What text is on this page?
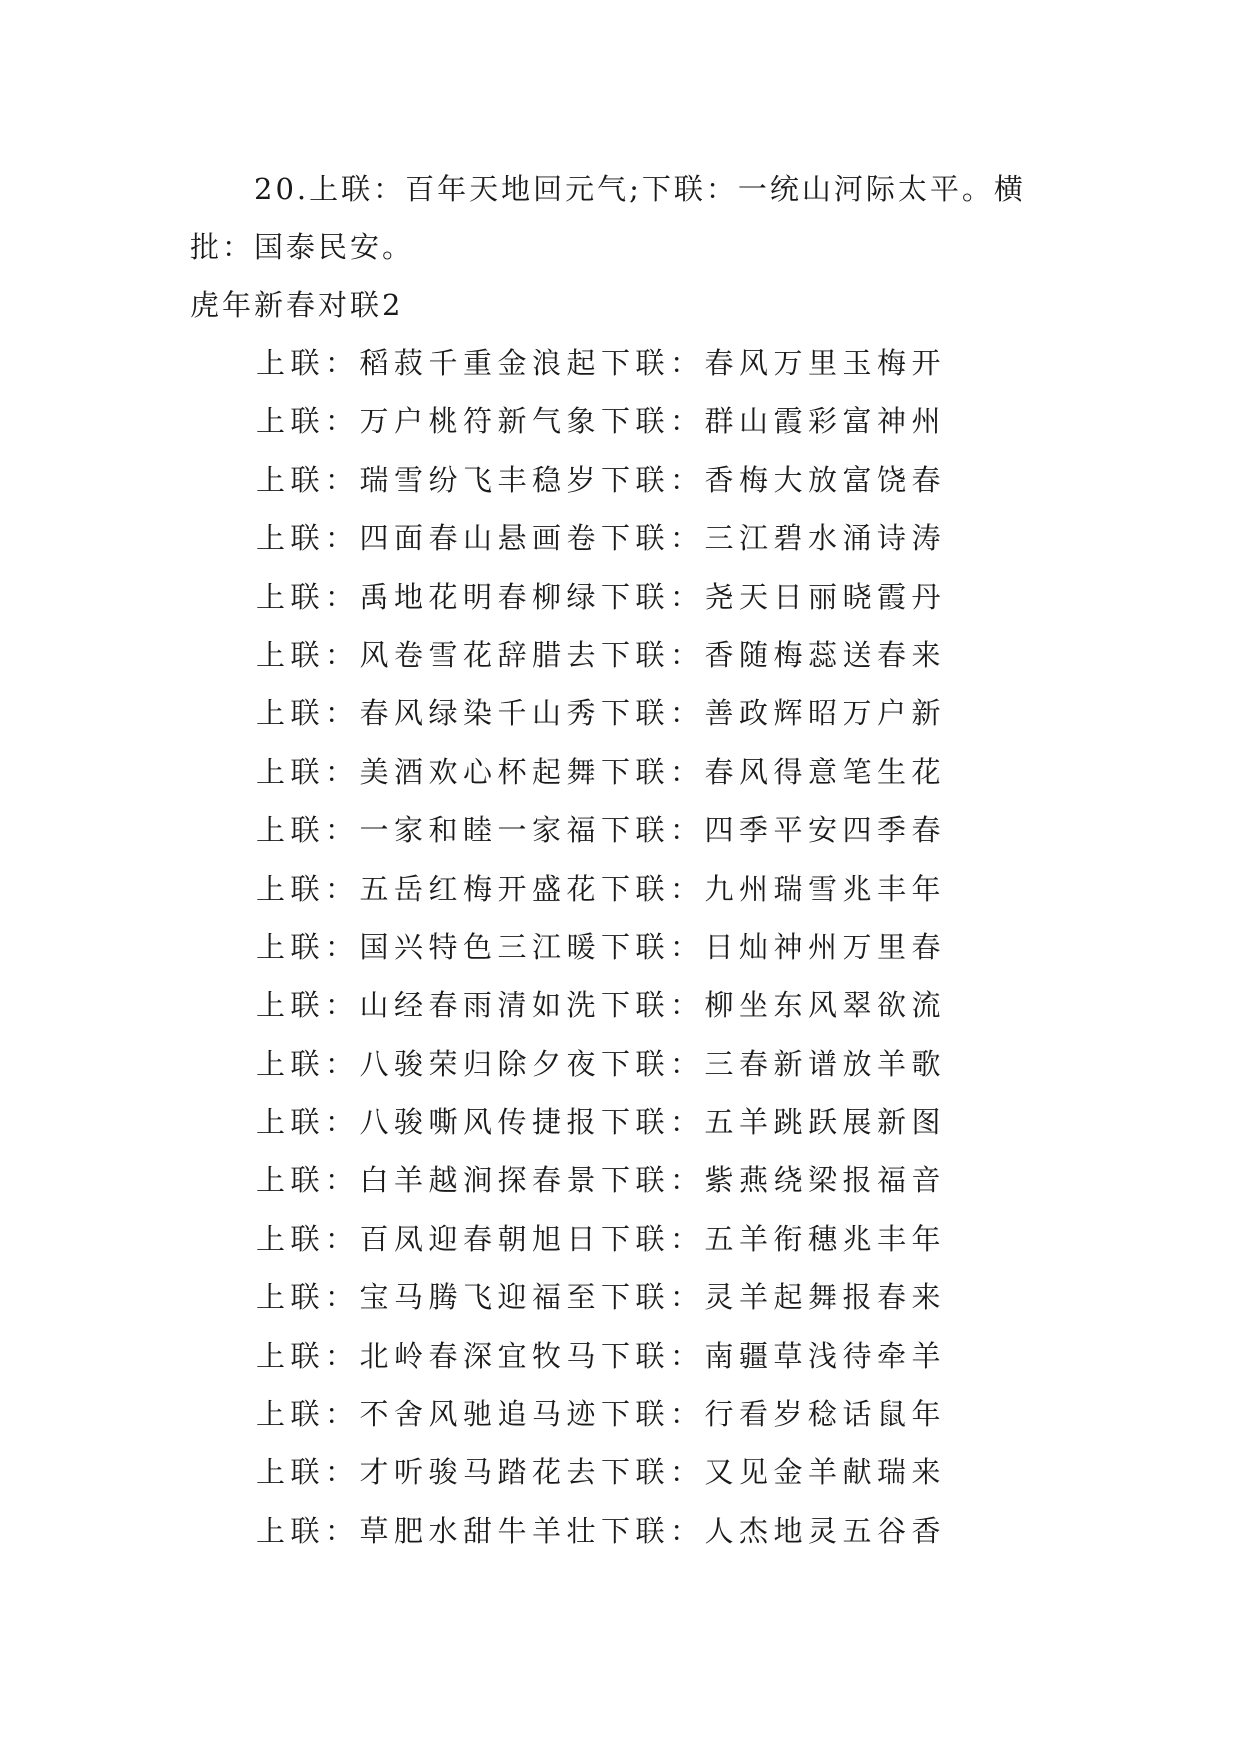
20.上联：百年天地回元气;下联：一统山河际太平。横批：国泰民安。

虎年新春对联2

上联：稻菽千重金浪起下联：春风万里玉梅开
上联：万户桃符新气象下联：群山霞彩富神州
上联：瑞雪纷飞丰稳岁下联：香梅大放富饶春
上联：四面春山悬画卷下联：三江碧水涌诗涛
上联：禹地花明春柳绿下联：尧天日丽晓霞丹
上联：风卷雪花辞腊去下联：香随梅蕊送春来
上联：春风绿染千山秀下联：善政辉昭万户新
上联：美酒欢心杯起舞下联：春风得意笔生花
上联：一家和睦一家福下联：四季平安四季春
上联：五岳红梅开盛花下联：九州瑞雪兆丰年
上联：国兴特色三江暖下联：日灿神州万里春
上联：山经春雨清如洗下联：柳坐东风翠欲流
上联：八骏荣归除夕夜下联：三春新谱放羊歌
上联：八骏嘶风传捷报下联：五羊跳跃展新图
上联：白羊越涧探春景下联：紫燕绕梁报福音
上联：百凤迎春朝旭日下联：五羊衔穗兆丰年
上联：宝马腾飞迎福至下联：灵羊起舞报春来
上联：北岭春深宜牧马下联：南疆草浅待牵羊
上联：不舍风驰追马迹下联：行看岁稔话鼠年
上联：才听骏马踏花去下联：又见金羊献瑞来
上联：草肥水甜牛羊壮下联：人杰地灵五谷香
